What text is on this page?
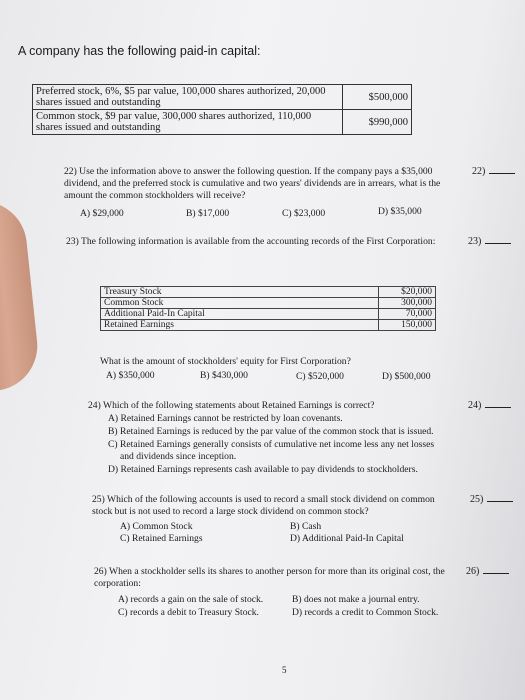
A company has the following paid-in capital:
Preferred stock, 6%, $5 par value, 100,000 shares authorized, 20,000 shares issued and outstanding	$500,000
Common stock, $9 par value, 300,000 shares authorized, 110,000 shares issued and outstanding	$990,000
22) Use the information above to answer the following question. If the company pays a $35,000 dividend, and the preferred stock is cumulative and two years' dividends are in arrears, what is the amount the common stockholders will receive?
22)
A) $29,000	B) $17,000	C) $23,000	D) $35,000
23) The following information is available from the accounting records of the First Corporation:	23)
Treasury Stock	$20,000
Common Stock	300,000
Additional Paid-In Capital	70,000
Retained Earnings	150,000
What is the amount of stockholders' equity for First Corporation?
A) $350,000	B) $430,000	C) $520,000	D) $500,000
24) Which of the following statements about Retained Earnings is correct?	24)
A) Retained Earnings cannot be restricted by loan covenants.
B) Retained Earnings is reduced by the par value of the common stock that is issued.
C) Retained Earnings generally consists of cumulative net income less any net losses
and dividends since inception.
D) Retained Earnings represents cash available to pay dividends to stockholders.
25) Which of the following accounts is used to record a small stock dividend on common stock but is not used to record a large stock dividend on common stock?
25)
A) Common Stock	B) Cash
C) Retained Earnings	D) Additional Paid-In Capital
26) When a stockholder sells its shares to another person for more than its original cost, the corporation:
26)
A) records a gain on the sale of stock.	B) does not make a journal entry.
C) records a debit to Treasury Stock.	D) records a credit to Common Stock.
5
